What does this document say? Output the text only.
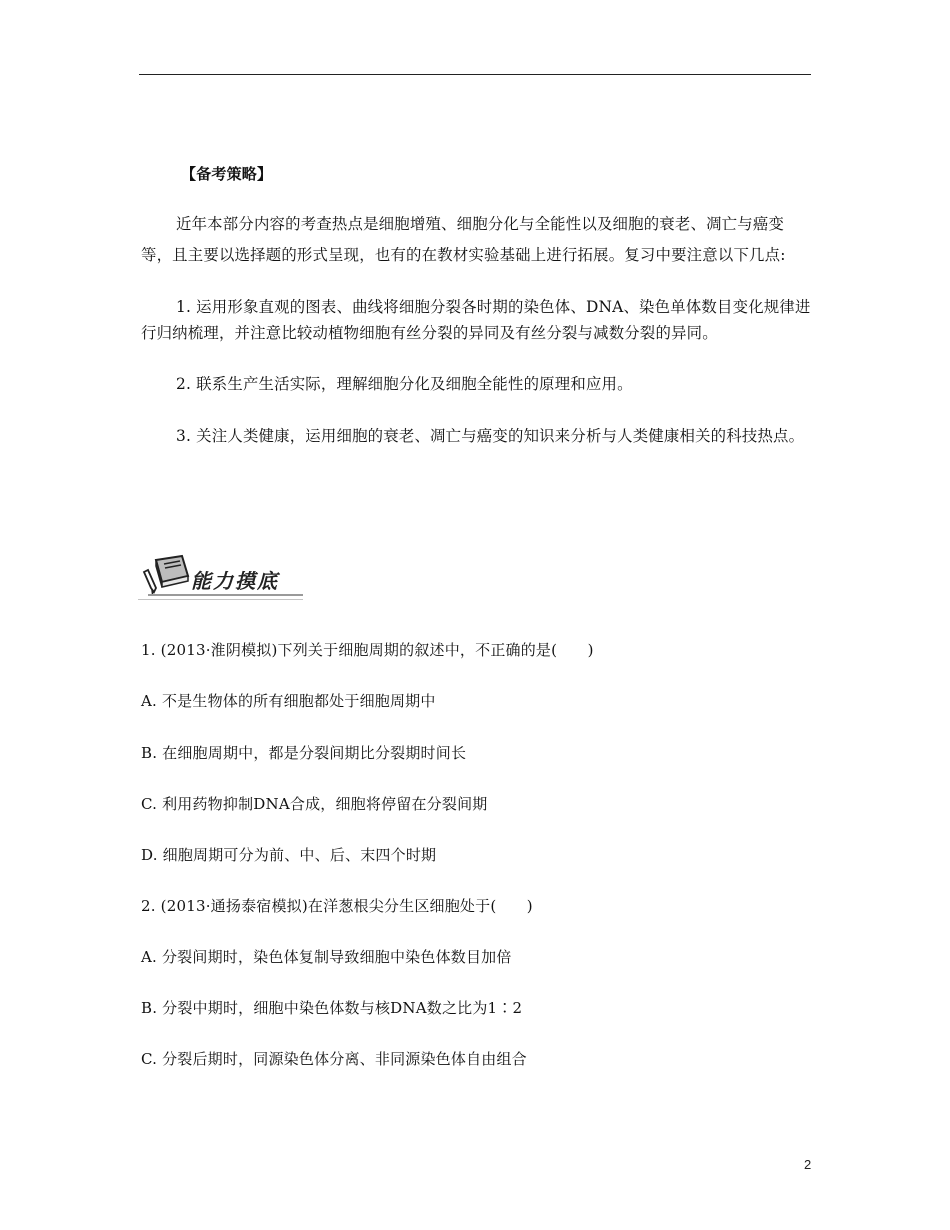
【备考策略】
近年本部分内容的考查热点是细胞增殖、细胞分化与全能性以及细胞的衰老、凋亡与癌变
等，且主要以选择题的形式呈现，也有的在教材实验基础上进行拓展。复习中要注意以下几点:
1. 运用形象直观的图表、曲线将细胞分裂各时期的染色体、DNA、染色单体数目变化规律进
行归纳梳理，并注意比较动植物细胞有丝分裂的异同及有丝分裂与减数分裂的异同。
2. 联系生产生活实际，理解细胞分化及细胞全能性的原理和应用。
3. 关注人类健康，运用细胞的衰老、凋亡与癌变的知识来分析与人类健康相关的科技热点。
能力摸底
1. (2013·淮阴模拟)下列关于细胞周期的叙述中，不正确的是(　　)
A. 不是生物体的所有细胞都处于细胞周期中
B. 在细胞周期中，都是分裂间期比分裂期时间长
C. 利用药物抑制DNA合成，细胞将停留在分裂间期
D. 细胞周期可分为前、中、后、末四个时期
2. (2013·通扬泰宿模拟)在洋葱根尖分生区细胞处于(　　)
A. 分裂间期时，染色体复制导致细胞中染色体数目加倍
B. 分裂中期时，细胞中染色体数与核DNA数之比为1∶2
C. 分裂后期时，同源染色体分离、非同源染色体自由组合
2
